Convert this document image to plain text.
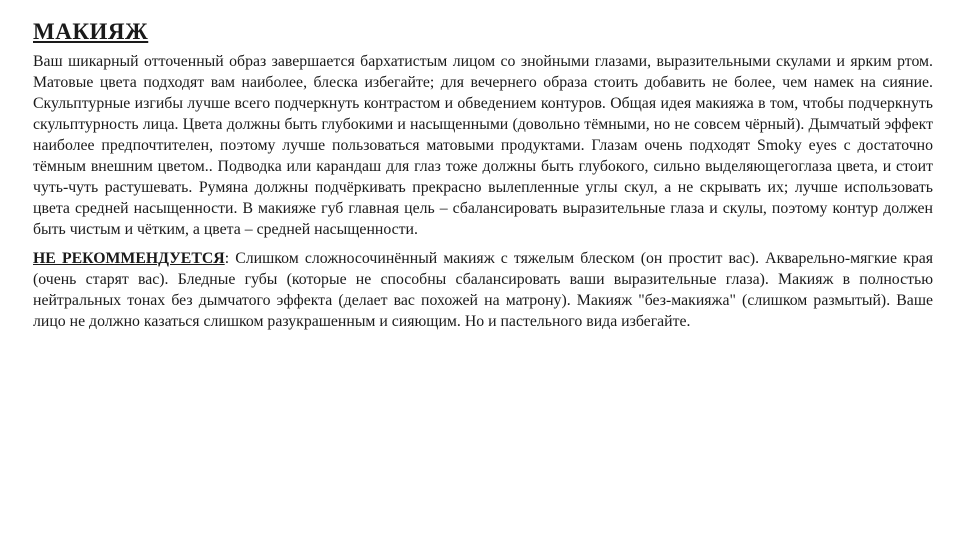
МАКИЯЖ

Ваш шикарный отточенный образ завершается бархатистым лицом со знойными глазами, выразительными скулами и ярким ртом. Матовые цвета подходят вам наиболее, блеска избегайте; для вечернего образа стоить добавить не более, чем намек на сияние. Скульптурные изгибы лучше всего подчеркнуть контрастом и обведением контуров. Общая идея макияжа в том, чтобы подчеркнуть скульптурность лица. Цвета должны быть глубокими и насыщенными (довольно тёмными, но не совсем чёрный). Дымчатый эффект наиболее предпочтителен, поэтому лучше пользоваться матовыми продуктами. Глазам очень подходят Smoky eyes с достаточно тёмным внешним цветом.. Подводка или карандаш для глаз тоже должны быть глубокого, сильно выделяющегоглаза цвета, и стоит чуть-чуть растушевать. Румяна должны подчёркивать прекрасно вылепленные углы скул, а не скрывать их; лучше использовать цвета средней насыщенности. В макияже губ главная цель – сбалансировать выразительные глаза и скулы, поэтому контур должен быть чистым и чётким, а цвета – средней насыщенности.

НЕ РЕКОММЕНДУЕТСЯ: Слишком сложносочинённый макияж с тяжелым блеском (он простит вас). Акварельно-мягкие края (очень старят вас). Бледные губы (которые не способны сбалансировать ваши выразительные глаза). Макияж в полностью нейтральных тонах без дымчатого эффекта (делает вас похожей на матрону). Макияж "без-макияжа" (слишком размытый). Ваше лицо не должно казаться слишком разукрашенным и сияющим. Но и пастельного вида избегайте.
